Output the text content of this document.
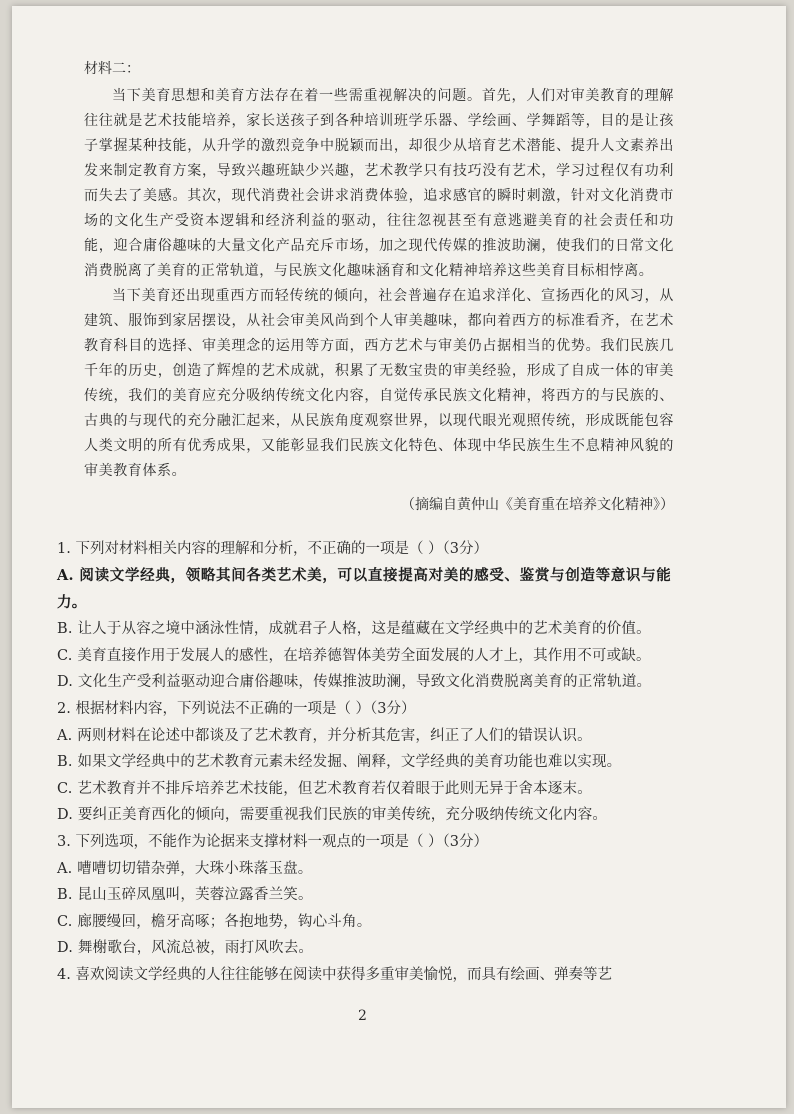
材料二：

当下美育思想和美育方法存在着一些需重视解决的问题。首先，人们对审美教育的理解往往就是艺术技能培养，家长送孩子到各种培训班学乐器、学绘画、学舞蹈等，目的是让孩子掌握某种技能，从升学的激烈竞争中脱颖而出，却很少从培育艺术潜能、提升人文素养出发来制定教育方案，导致兴趣班缺少兴趣，艺术教学只有技巧没有艺术，学习过程仅有功利而失去了美感。其次，现代消费社会讲求消费体验，追求感官的瞬时刺激，针对文化消费市场的文化生产受资本逻辑和经济利益的驱动，往往忽视甚至有意逃避美育的社会责任和功能，迎合庸俗趣味的大量文化产品充斥市场，加之现代传媒的推波助澜，使我们的日常文化消费脱离了美育的正常轨道，与民族文化趣味涵育和文化精神培养这些美育目标相悖离。

当下美育还出现重西方而轻传统的倾向，社会普遍存在追求洋化、宣扬西化的风习，从建筑、服饰到家居摆设，从社会审美风尚到个人审美趣味，都向着西方的标准看齐，在艺术教育科目的选择、审美理念的运用等方面，西方艺术与审美仍占据相当的优势。我们民族几千年的历史，创造了辉煌的艺术成就，积累了无数宝贵的审美经验，形成了自成一体的审美传统，我们的美育应充分吸纳传统文化内容，自觉传承民族文化精神，将西方的与民族的、古典的与现代的充分融汇起来，从民族角度观察世界，以现代眼光观照传统，形成既能包容人类文明的所有优秀成果，又能彰显我们民族文化特色、体现中华民族生生不息精神风貌的审美教育体系。

（摘编自黄仲山《美育重在培养文化精神》）

1. 下列对材料相关内容的理解和分析，不正确的一项是（ ）（3分）

A. 阅读文学经典，领略其间各类艺术美，可以直接提高对美的感受、鉴赏与创造等意识与能力。

B. 让人于从容之境中涵泳性情，成就君子人格，这是蕴藏在文学经典中的艺术美育的价值。

C. 美育直接作用于发展人的感性，在培养德智体美劳全面发展的人才上，其作用不可或缺。

D. 文化生产受利益驱动迎合庸俗趣味，传媒推波助澜，导致文化消费脱离美育的正常轨道。

2. 根据材料内容，下列说法不正确的一项是（ ）（3分）

A. 两则材料在论述中都谈及了艺术教育，并分析其危害，纠正了人们的错误认识。

B. 如果文学经典中的艺术教育元素未经发掘、阐释，文学经典的美育功能也难以实现。

C. 艺术教育并不排斥培养艺术技能，但艺术教育若仅着眼于此则无异于舍本逐末。

D. 要纠正美育西化的倾向，需要重视我们民族的审美传统，充分吸纳传统文化内容。

3. 下列选项，不能作为论据来支撑材料一观点的一项是（ ）（3分）

A. 嘈嘈切切错杂弹，大珠小珠落玉盘。

B. 昆山玉碎凤凰叫，芙蓉泣露香兰笑。

C. 廊腰缦回，檐牙高啄；各抱地势，钩心斗角。

D. 舞榭歌台，风流总被，雨打风吹去。

4. 喜欢阅读文学经典的人往往能够在阅读中获得多重审美愉悦，而具有绘画、弹奏等艺

2
